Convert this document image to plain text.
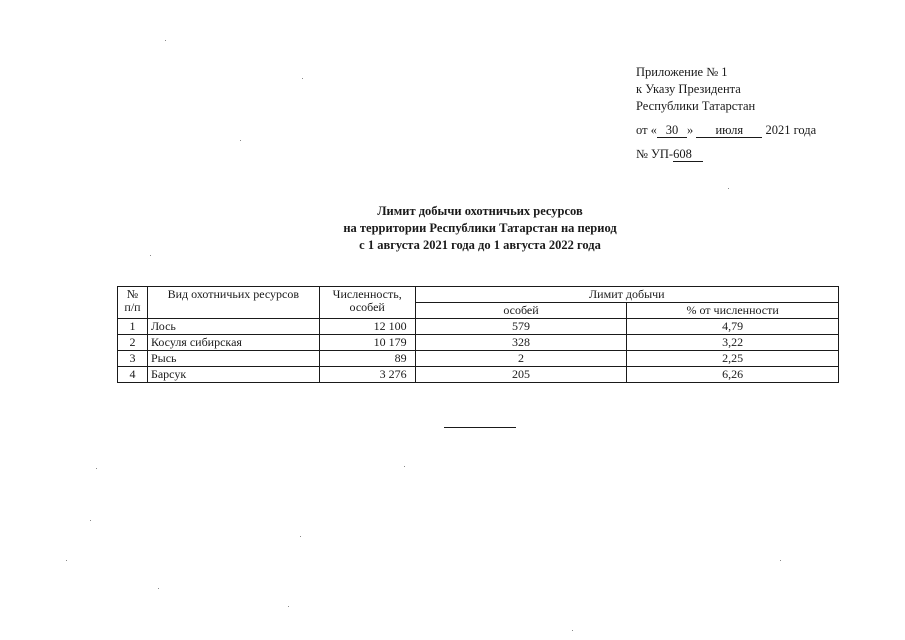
Приложение № 1
к Указу Президента
Республики Татарстан
от « 30 » июля 2021 года
№ УП-608
Лимит добычи охотничьих ресурсов
на территории Республики Татарстан на период
с 1 августа 2021 года до 1 августа 2022 года
№ п/п	Вид охотничьих ресурсов	Численность, особей	Лимит добычи	
			особей	% от численности
1	Лось	12 100	579	4,79
2	Косуля сибирская	10 179	328	3,22
3	Рысь	89	2	2,25
4	Барсук	3 276	205	6,26
